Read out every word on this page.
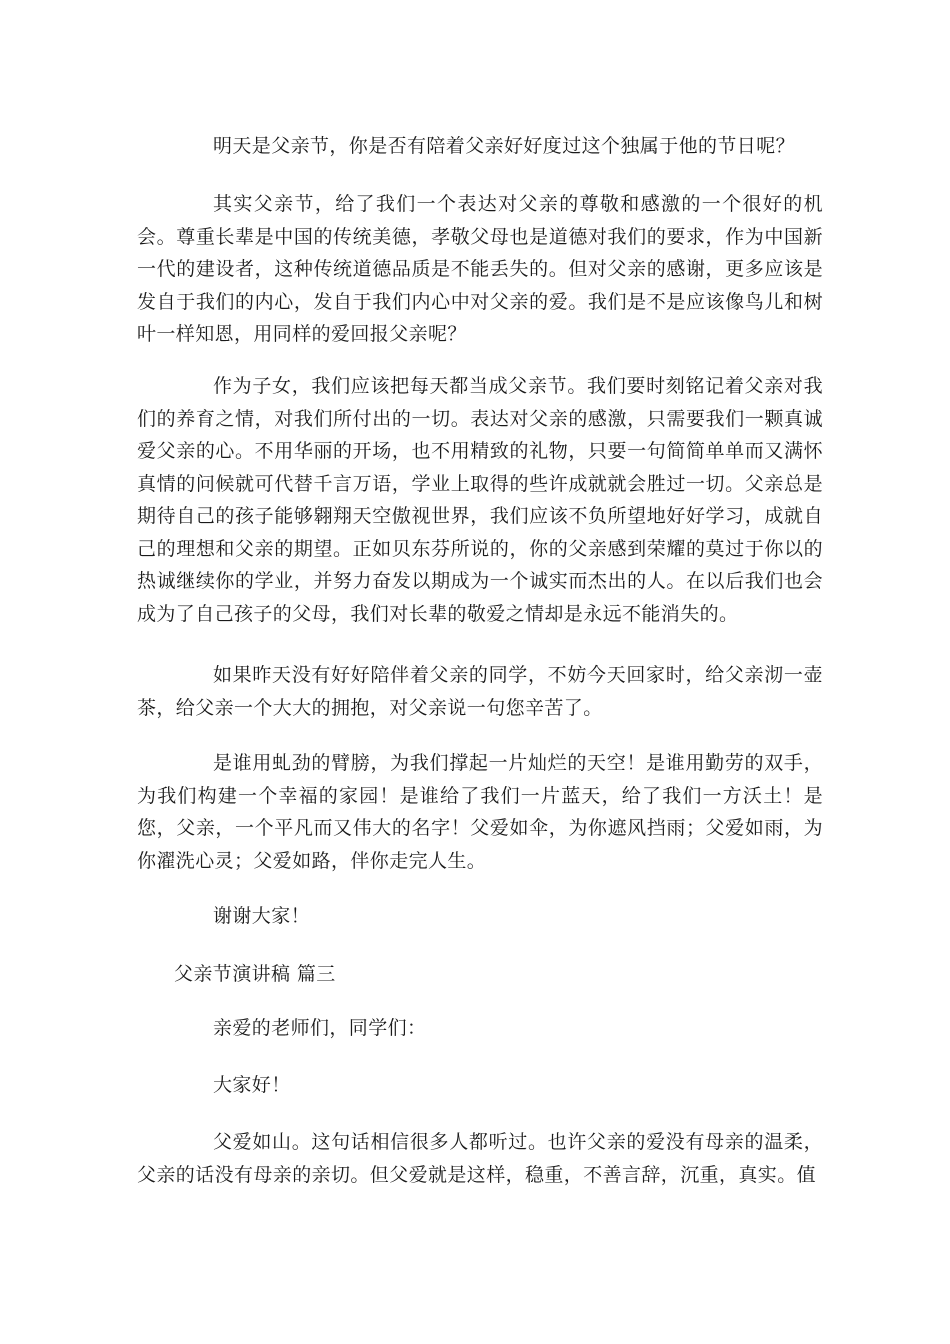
明天是父亲节，你是否有陪着父亲好好度过这个独属于他的节日呢？

其实父亲节，给了我们一个表达对父亲的尊敬和感激的一个很好的机会。尊重长辈是中国的传统美德，孝敬父母也是道德对我们的要求，作为中国新一代的建设者，这种传统道德品质是不能丢失的。但对父亲的感谢，更多应该是发自于我们的内心，发自于我们内心中对父亲的爱。我们是不是应该像鸟儿和树叶一样知恩，用同样的爱回报父亲呢？

作为子女，我们应该把每天都当成父亲节。我们要时刻铭记着父亲对我们的养育之情，对我们所付出的一切。表达对父亲的感激，只需要我们一颗真诚爱父亲的心。不用华丽的开场，也不用精致的礼物，只要一句简简单单而又满怀真情的问候就可代替千言万语，学业上取得的些许成就就会胜过一切。父亲总是期待自己的孩子能够翱翔天空傲视世界，我们应该不负所望地好好学习，成就自己的理想和父亲的期望。正如贝东芬所说的，你的父亲感到荣耀的莫过于你以的热诚继续你的学业，并努力奋发以期成为一个诚实而杰出的人。在以后我们也会成为了自己孩子的父母，我们对长辈的敬爱之情却是永远不能消失的。

如果昨天没有好好陪伴着父亲的同学，不妨今天回家时，给父亲沏一壶茶，给父亲一个大大的拥抱，对父亲说一句您辛苦了。

是谁用虬劲的臂膀，为我们撑起一片灿烂的天空！是谁用勤劳的双手，为我们构建一个幸福的家园！是谁给了我们一片蓝天，给了我们一方沃土！是您，父亲，一个平凡而又伟大的名字！父爱如伞，为你遮风挡雨；父爱如雨，为你濯洗心灵；父爱如路，伴你走完人生。

谢谢大家！

父亲节演讲稿 篇三

亲爱的老师们，同学们：

大家好！

父爱如山。这句话相信很多人都听过。也许父亲的爱没有母亲的温柔，父亲的话没有母亲的亲切。但父爱就是这样，稳重，不善言辞，沉重，真实。值
